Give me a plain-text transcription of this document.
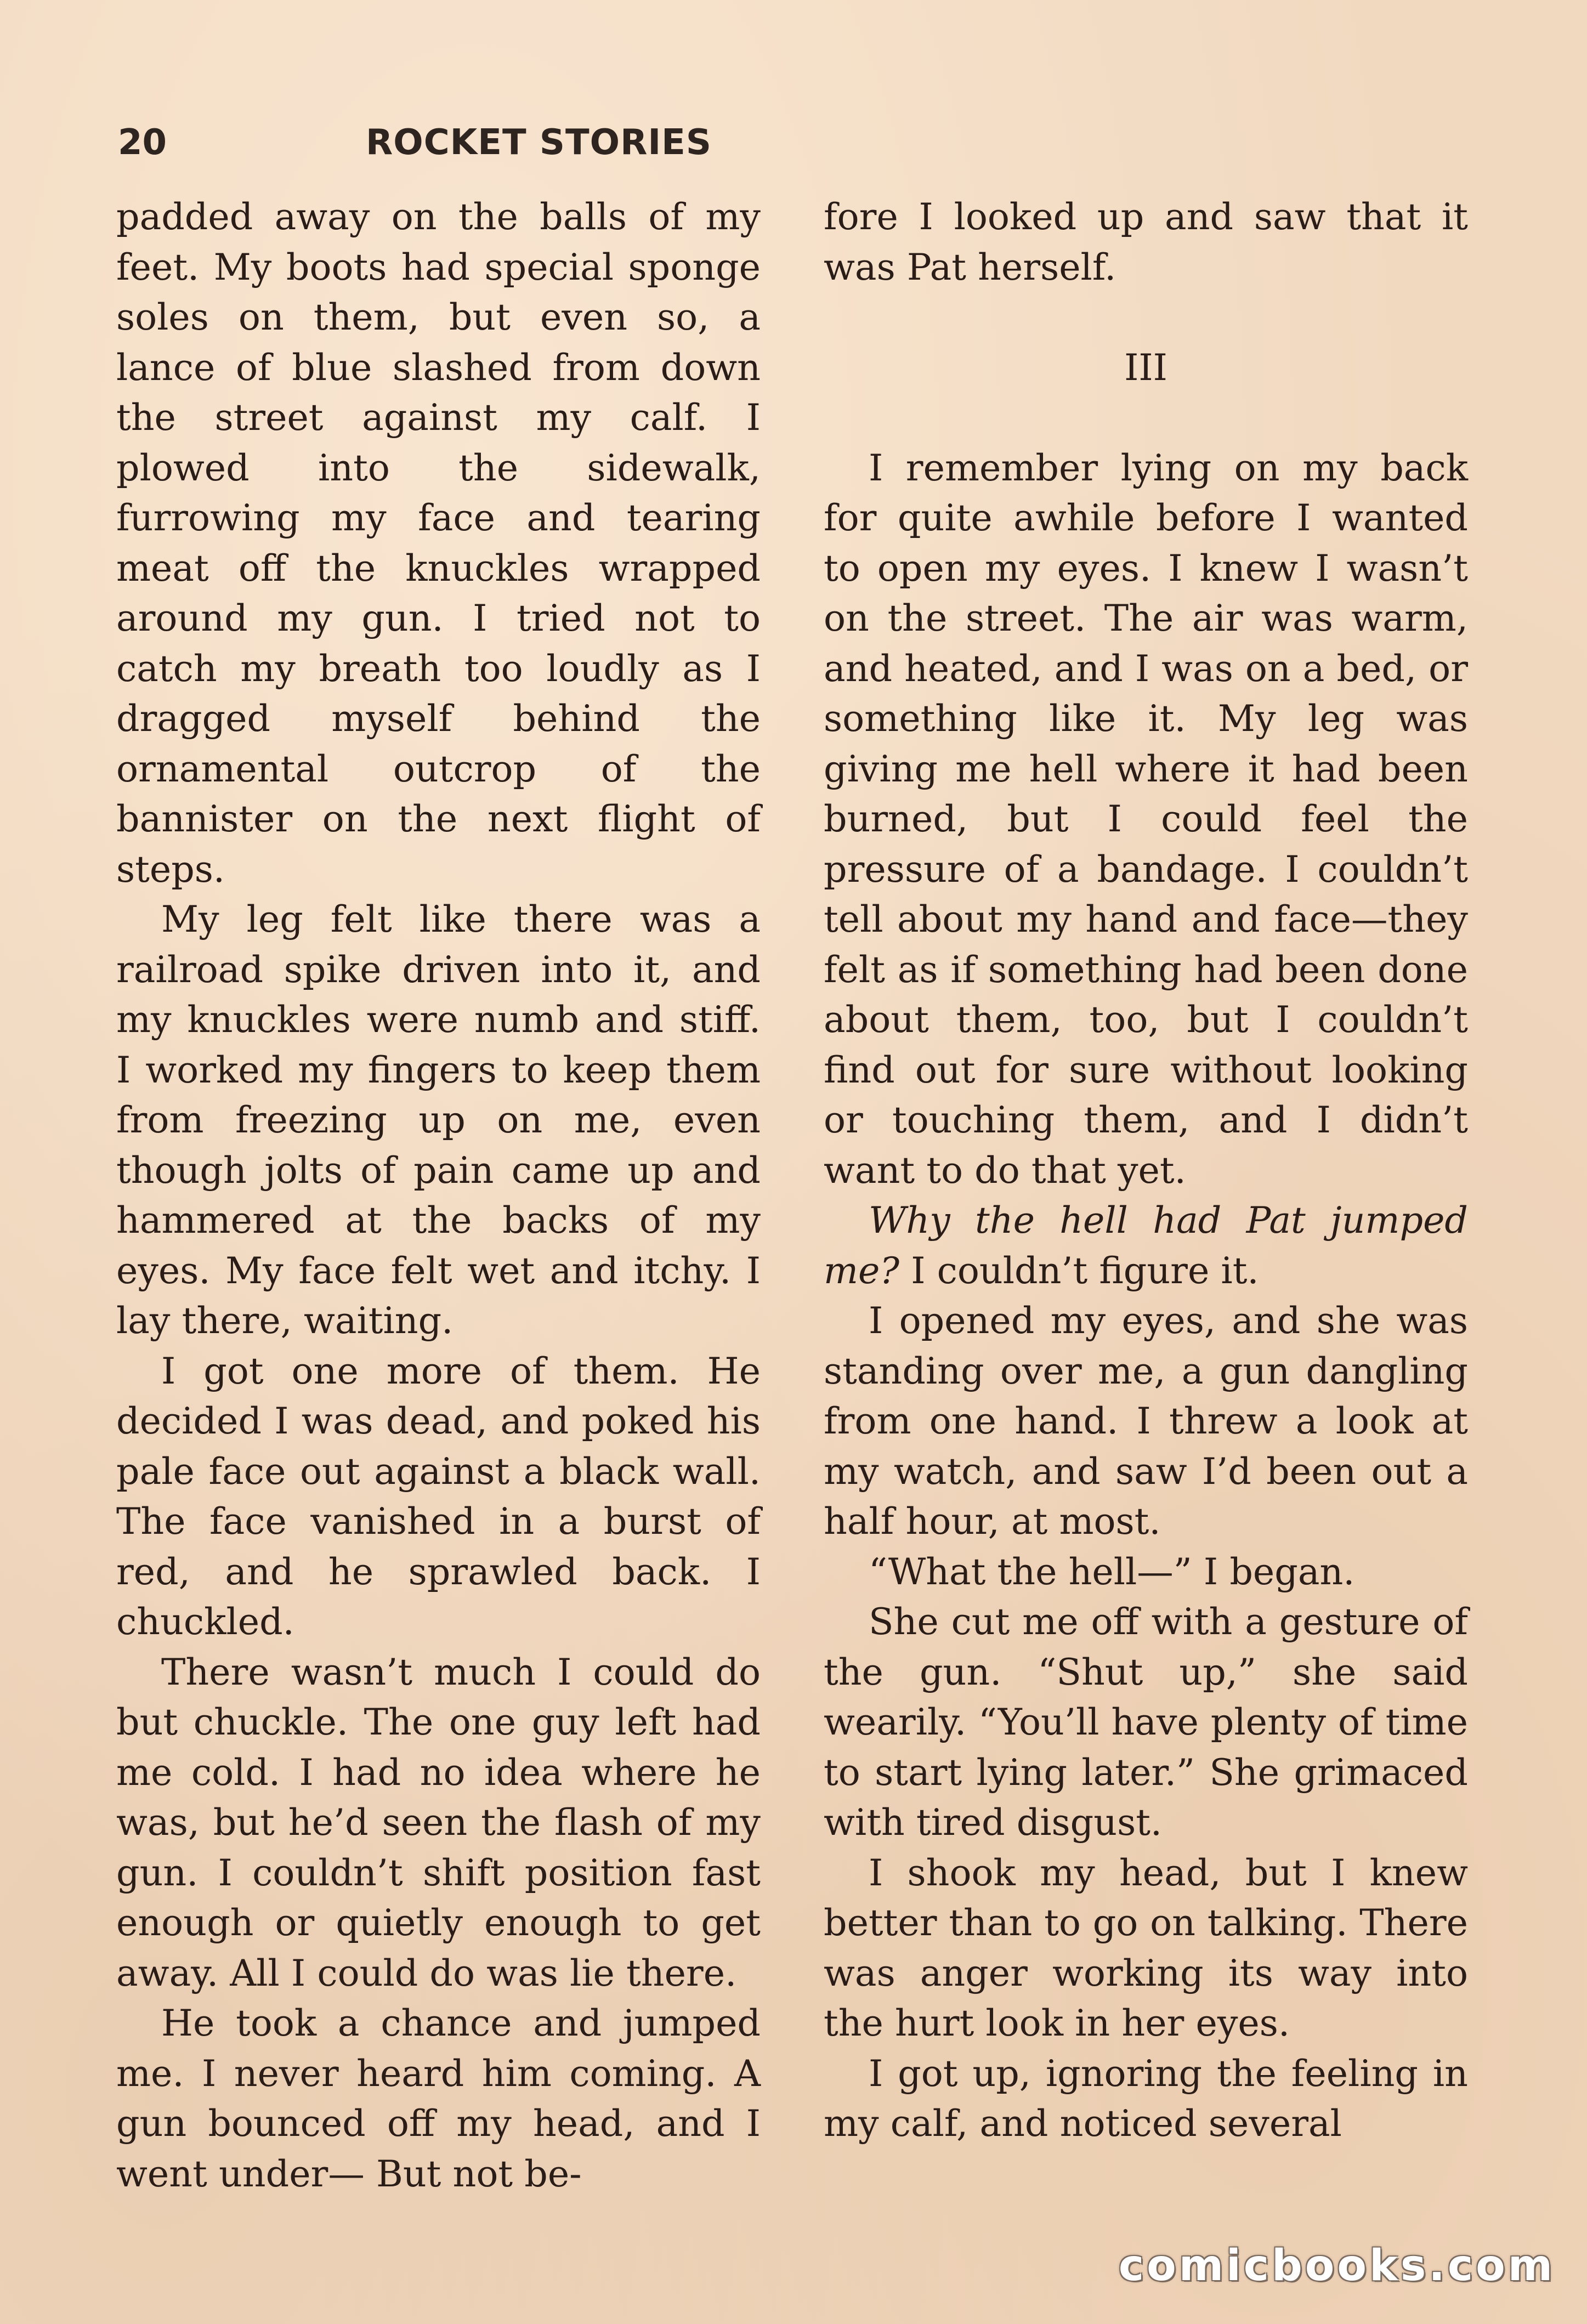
20	ROCKET STORIES

padded away on the balls of my feet. My boots had special sponge soles on them, but even so, a lance of blue slashed from down the street against my calf. I plowed into the sidewalk, furrowing my face and tearing meat off the knuckles wrapped around my gun. I tried not to catch my breath too loudly as I dragged myself behind the ornamental outcrop of the bannister on the next flight of steps.

My leg felt like there was a railroad spike driven into it, and my knuckles were numb and stiff. I worked my fingers to keep them from freezing up on me, even though jolts of pain came up and hammered at the backs of my eyes. My face felt wet and itchy. I lay there, waiting.

I got one more of them. He decided I was dead, and poked his pale face out against a black wall. The face vanished in a burst of red, and he sprawled back. I chuckled.

There wasn’t much I could do but chuckle. The one guy left had me cold. I had no idea where he was, but he’d seen the flash of my gun. I couldn’t shift position fast enough or quietly enough to get away. All I could do was lie there.

He took a chance and jumped me. I never heard him coming. A gun bounced off my head, and I went under— But not be-

fore I looked up and saw that it was Pat herself.

III

I remember lying on my back for quite awhile before I wanted to open my eyes. I knew I wasn’t on the street. The air was warm, and heated, and I was on a bed, or something like it. My leg was giving me hell where it had been burned, but I could feel the pressure of a bandage. I couldn’t tell about my hand and face—they felt as if something had been done about them, too, but I couldn’t find out for sure without looking or touching them, and I didn’t want to do that yet.

Why the hell had Pat jumped me? I couldn’t figure it.

I opened my eyes, and she was standing over me, a gun dangling from one hand. I threw a look at my watch, and saw I’d been out a half hour, at most.

“What the hell—” I began.

She cut me off with a gesture of the gun. “Shut up,” she said wearily. “You’ll have plenty of time to start lying later.” She grimaced with tired disgust.

I shook my head, but I knew better than to go on talking. There was anger working its way into the hurt look in her eyes.

I got up, ignoring the feeling in my calf, and noticed several

comicbooks.com
